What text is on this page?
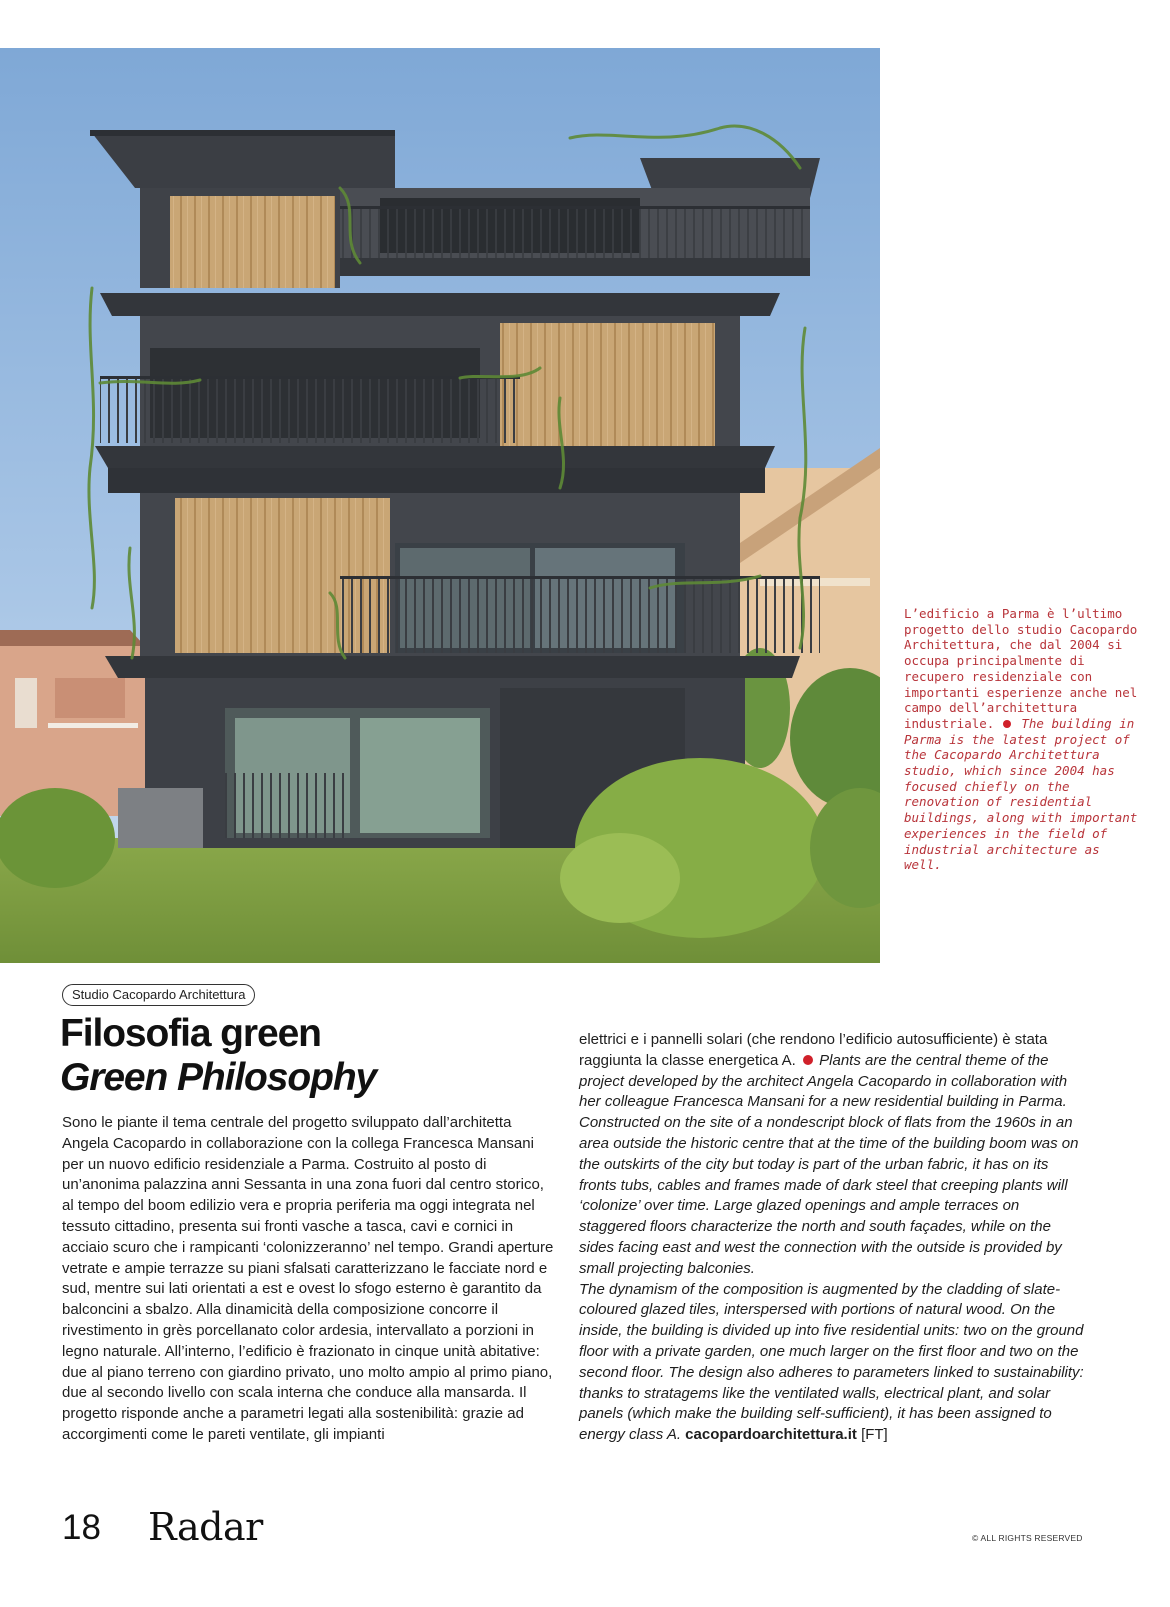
L’edificio a Parma è l’ultimo progetto dello studio Cacopardo Architettura, che dal 2004 si occupa principalmente di recupero residenziale con importanti esperienze anche nel campo dell’architettura industriale. The building in Parma is the latest project of the Cacopardo Architettura studio, which since 2004 has focused chiefly on the renovation of residential buildings, along with important experiences in the field of industrial architecture as well.
Studio Cacopardo Architettura
Filosofia green
Green Philosophy

Sono le piante il tema centrale del progetto sviluppato dall’architetta Angela Cacopardo in collaborazione con la collega Francesca Mansani per un nuovo edificio residenziale a Parma. Costruito al posto di un’anonima palazzina anni Sessanta in una zona fuori dal centro storico, al tempo del boom edilizio vera e propria periferia ma oggi integrata nel tessuto cittadino, presenta sui fronti vasche a tasca, cavi e cornici in acciaio scuro che i rampicanti ‘colonizzeranno’ nel tempo. Grandi aperture vetrate e ampie terrazze su piani sfalsati caratterizzano le facciate nord e sud, mentre sui lati orientati a est e ovest lo sfogo esterno è garantito da balconcini a sbalzo. Alla dinamicità della composizione concorre il rivestimento in grès porcellanato color ardesia, intervallato a porzioni in legno naturale. All’interno, l’edificio è frazionato in cinque unità abitative: due al piano terreno con giardino privato, uno molto ampio al primo piano, due al secondo livello con scala interna che conduce alla mansarda. Il progetto risponde anche a parametri legati alla sostenibilità: grazie ad accorgimenti come le pareti ventilate, gli impianti

elettrici e i pannelli solari (che rendono l’edificio autosufficiente) è stata raggiunta la classe energetica A. Plants are the central theme of the project developed by the architect Angela Cacopardo in collaboration with her colleague Francesca Mansani for a new residential building in Parma. Constructed on the site of a nondescript block of flats from the 1960s in an area outside the historic centre that at the time of the building boom was on the outskirts of the city but today is part of the urban fabric, it has on its fronts tubs, cables and frames made of dark steel that creeping plants will ‘colonize’ over time. Large glazed openings and ample terraces on staggered floors characterize the north and south façades, while on the sides facing east and west the connection with the outside is provided by small projecting balconies.
The dynamism of the composition is augmented by the cladding of slate-coloured glazed tiles, interspersed with portions of natural wood. On the inside, the building is divided up into five residential units: two on the ground floor with a private garden, one much larger on the first floor and two on the second floor. The design also adheres to parameters linked to sustainability: thanks to stratagems like the ventilated walls, electrical plant, and solar panels (which make the building self-sufficient), it has been assigned to energy class A. cacopardoarchitettura.it [FT]

18 Radar	© ALL RIGHTS RESERVED
